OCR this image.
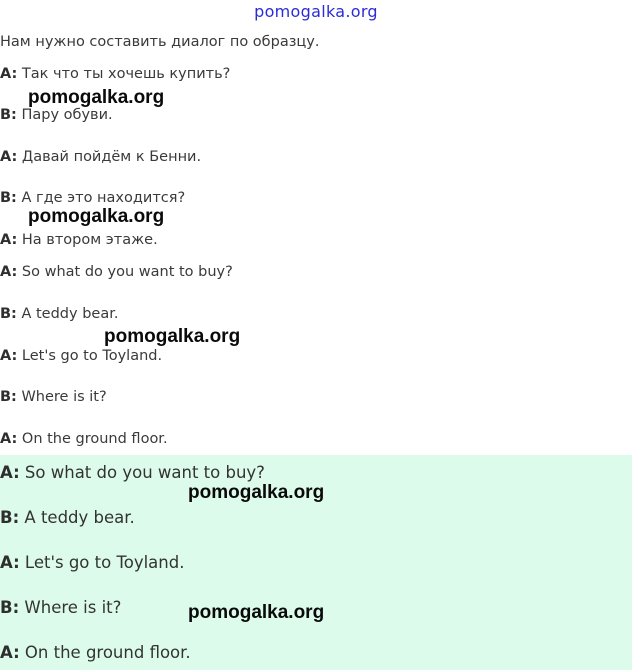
pomogalka.org
Нам нужно составить диалог по образцу.
A: Так что ты хочешь купить?
B: Пару обуви.
A: Давай пойдём к Бенни.
B: А где это находится?
A: На втором этаже.
A: So what do you want to buy?
B: A teddy bear.
A: Let's go to Toyland.
B: Where is it?
A: On the ground floor.
A: So what do you want to buy?
B: A teddy bear.
A: Let's go to Toyland.
B: Where is it?
A: On the ground floor.
pomogalka.org
pomogalka.org
pomogalka.org
pomogalka.org
pomogalka.org
